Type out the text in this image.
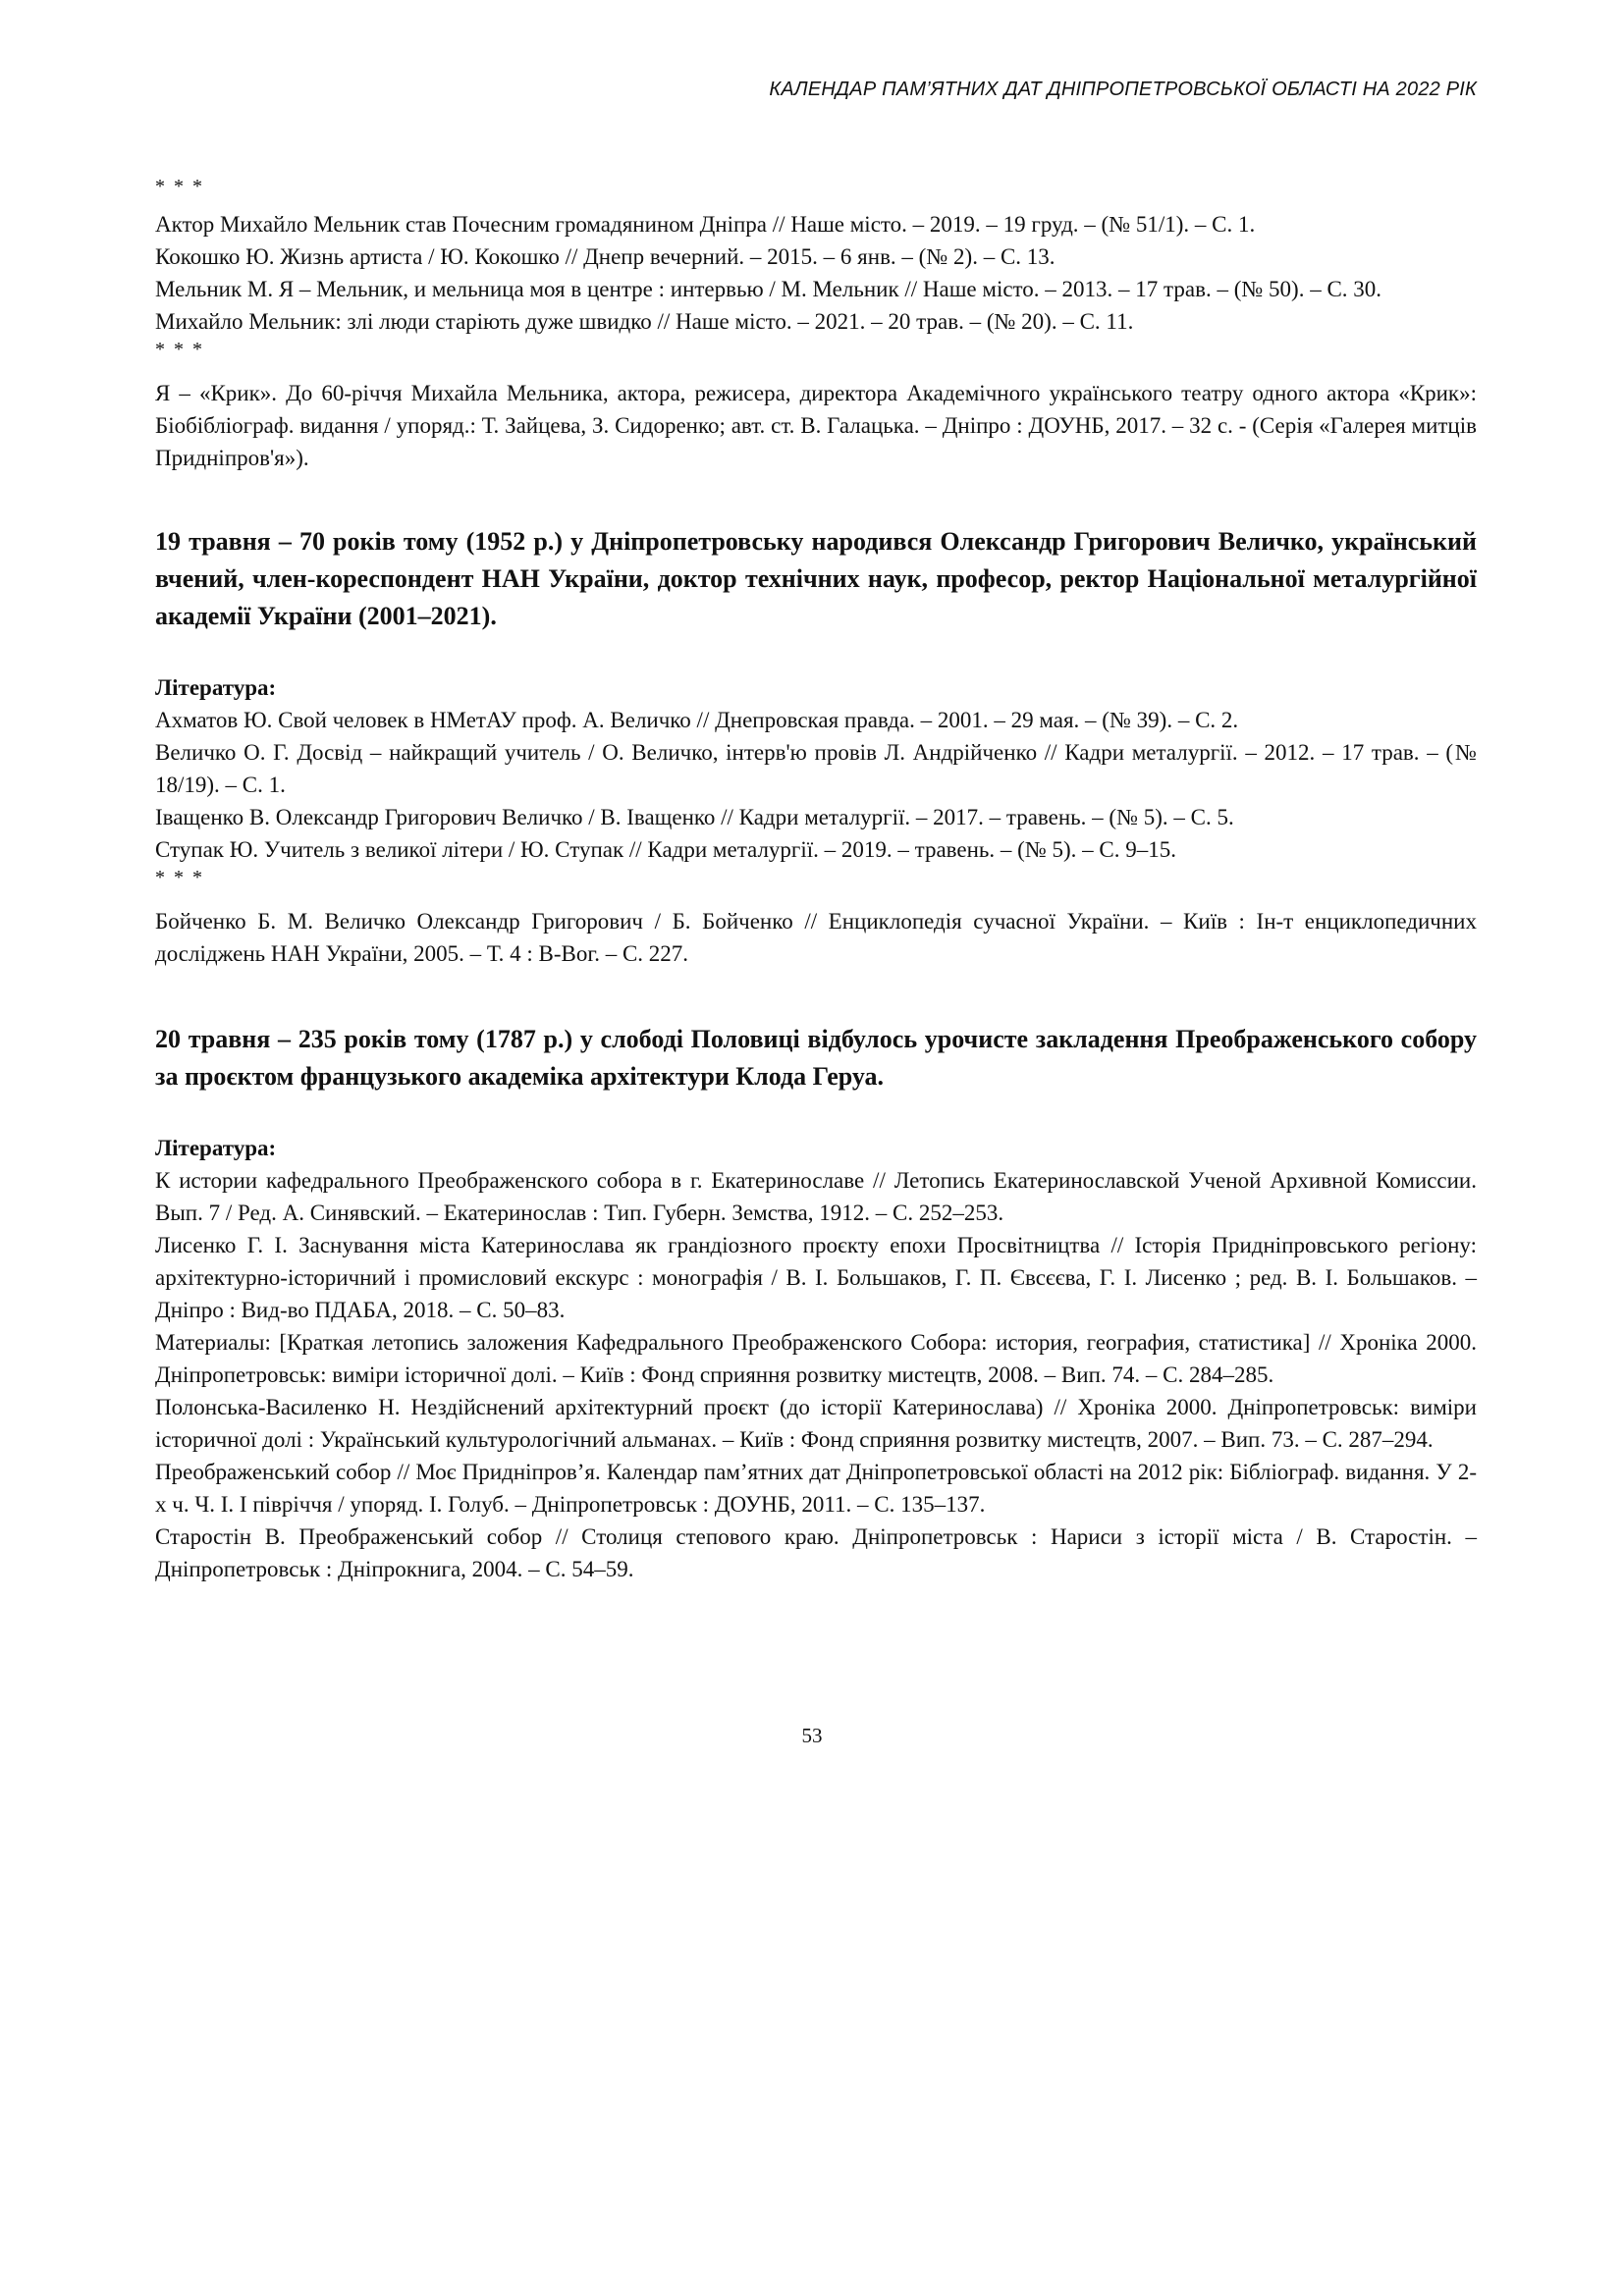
КАЛЕНДАР ПАМ’ЯТНИХ ДАТ ДНІПРОПЕТРОВСЬКОЇ ОБЛАСТІ НА 2022 РІК
* * *
Актор Михайло Мельник став Почесним громадянином Дніпра // Наше місто. – 2019. – 19 груд. – (№ 51/1). – С. 1.
Кокошко Ю. Жизнь артиста / Ю. Кокошко // Днепр вечерний. – 2015. – 6 янв. – (№ 2). – С. 13.
Мельник М. Я – Мельник, и мельница моя в центре : интервью / М. Мельник // Наше місто. – 2013. – 17 трав. – (№ 50). – С. 30.
Михайло Мельник: злі люди старіють дуже швидко // Наше місто. – 2021. – 20 трав. – (№ 20). – С. 11.
* * *
Я – «Крик». До 60-річчя Михайла Мельника, актора, режисера, директора Академічного українського театру одного актора «Крик»: Біобібліограф. видання / упоряд.: Т. Зайцева, З. Сидоренко; авт. ст. В. Галацька. – Дніпро : ДОУНБ, 2017. – 32 с. - (Серія «Галерея митців Придніпров'я»).
19 травня – 70 років тому (1952 р.) у Дніпропетровську народився Олександр Григорович Величко, український вчений, член-кореспондент НАН України, доктор технічних наук, професор, ректор Національної металургійної академії України (2001–2021).
Література:
Ахматов Ю. Свой человек в НМетАУ проф. А. Величко // Днепровская правда. – 2001. – 29 мая. – (№ 39). – С. 2.
Величко О. Г. Досвід – найкращий учитель / О. Величко, інтерв'ю провів Л. Андрійченко // Кадри металургії. – 2012. – 17 трав. – (№ 18/19). – С. 1.
Іващенко В. Олександр Григорович Величко / В. Іващенко // Кадри металургії. – 2017. – травень. – (№ 5). – С. 5.
Ступак Ю. Учитель з великої літери / Ю. Ступак // Кадри металургії. – 2019. – травень. – (№ 5). – С. 9–15.
* * *
Бойченко Б. М. Величко Олександр Григорович / Б. Бойченко // Енциклопедія сучасної України. – Київ : Ін-т енциклопедичних досліджень НАН України, 2005. – Т. 4 : В-Вог. – С. 227.
20 травня – 235 років тому (1787 р.) у слободі Половиці відбулось урочисте закладення Преображенського собору за проєктом французького академіка архітектури Клода Геруа.
Література:
К истории кафедрального Преображенского собора в г. Екатеринославе // Летопись Екатеринославской Ученой Архивной Комиссии. Вып. 7 / Ред. А. Синявский. – Екатеринослав : Тип. Губерн. Земства, 1912. – С. 252–253.
Лисенко Г. І. Заснування міста Катеринослава як грандіозного проєкту епохи Просвітництва // Історія Придніпровського регіону: архітектурно-історичний і промисловий екскурс : монографія / В. І. Большаков, Г. П. Євсєєва, Г. І. Лисенко ; ред. В. І. Большаков. – Дніпро : Вид-во ПДАБА, 2018. – С. 50–83.
Материалы: [Краткая летопись заложения Кафедрального Преображенского Собора: история, география, статистика] // Хроніка 2000. Дніпропетровськ: виміри історичної долі. – Київ : Фонд сприяння розвитку мистецтв, 2008. – Вип. 74. – С. 284–285.
Полонська-Василенко Н. Нездійснений архітектурний проєкт (до історії Катеринослава) // Хроніка 2000. Дніпропетровськ: виміри історичної долі : Український культурологічний альманах. – Київ : Фонд сприяння розвитку мистецтв, 2007. – Вип. 73. – С. 287–294.
Преображенський собор // Моє Придніпров’я. Календар пам’ятних дат Дніпропетровської області на 2012 рік: Бібліограф. видання. У 2-х ч. Ч. І. І півріччя / упоряд. І. Голуб. – Дніпропетровськ : ДОУНБ, 2011. – С. 135–137.
Старостін В. Преображенський собор // Столиця степового краю. Дніпропетровськ : Нариси з історії міста / В. Старостін. – Дніпропетровськ : Дніпрокнига, 2004. – С. 54–59.
53
